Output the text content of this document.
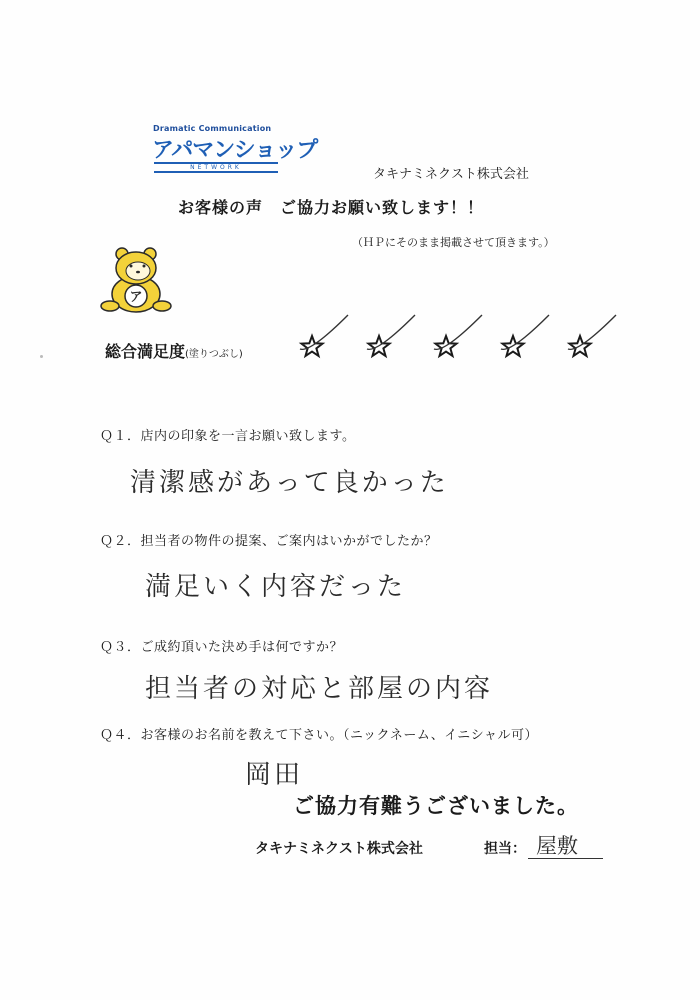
Dramatic Communication
アパマンショップ
NETWORK	タキナミネクスト株式会社
お客様の声　ご協力お願い致します！！
（ＨＰにそのまま掲載させて頂きます。）
ア
総合満足度(塗りつぶし)
Ｑ１．店内の印象を一言お願い致します。
清潔感があって良かった
Ｑ２．担当者の物件の提案、ご案内はいかがでしたか？
満足いく内容だった
Ｑ３．ご成約頂いた決め手は何ですか？
担当者の対応と部屋の内容
Ｑ４．お客様のお名前を教えて下さい。（ニックネーム、イニシャル可）
岡田
ご協力有難うございました。
タキナミネクスト株式会社	担当： 屋敷
